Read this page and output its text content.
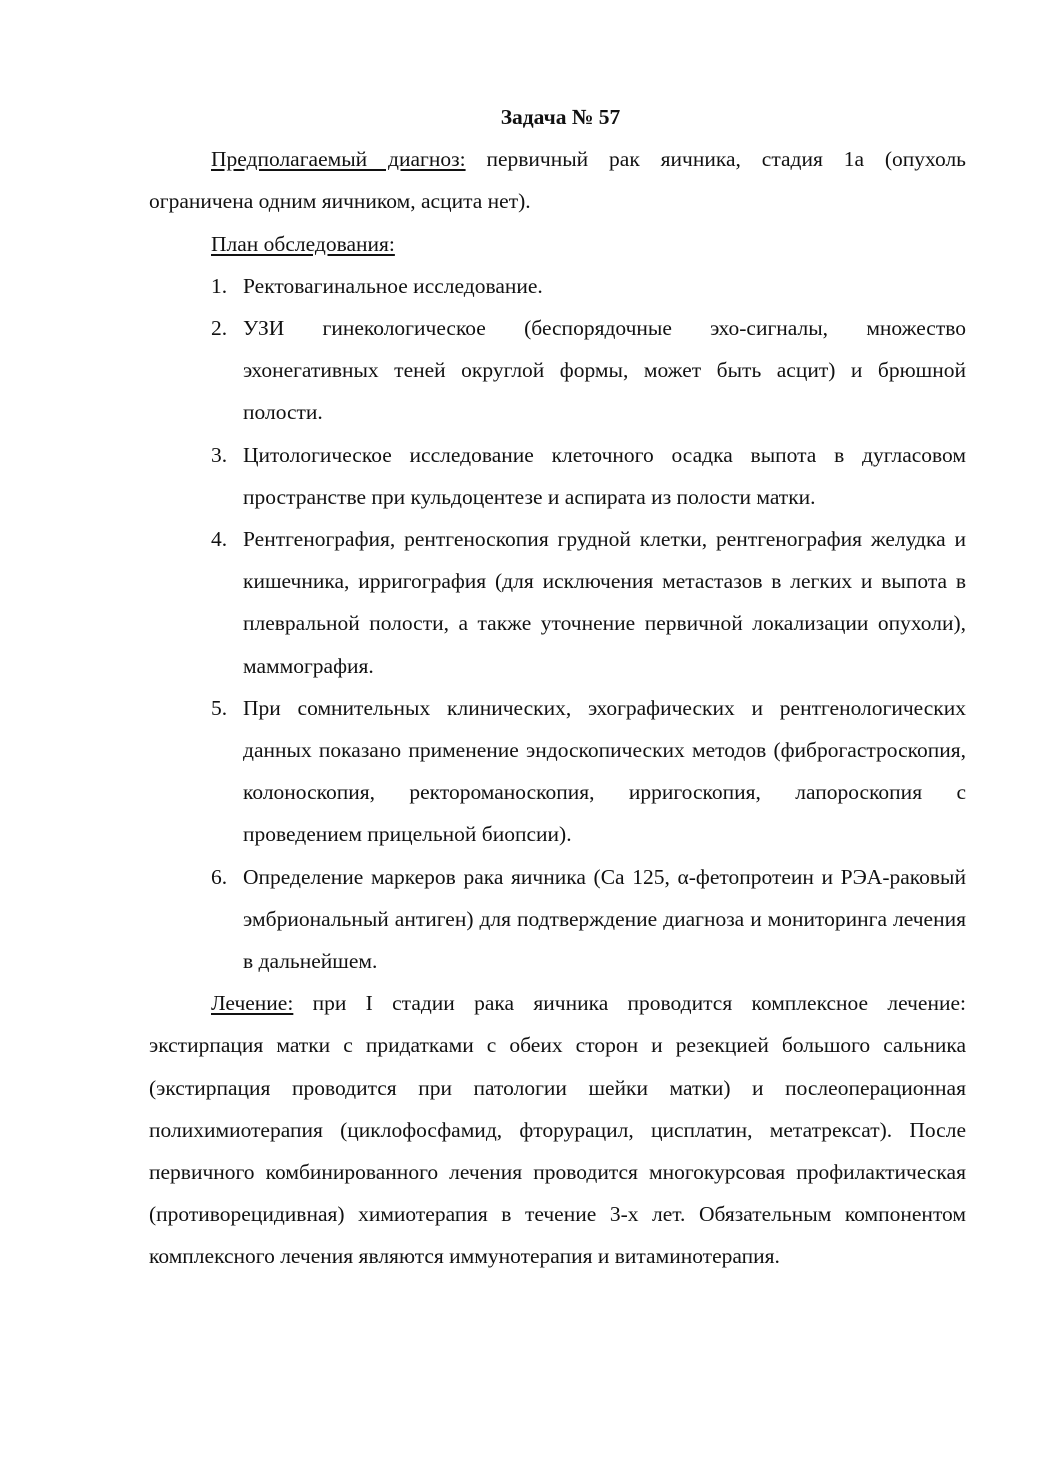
Задача № 57

Предполагаемый диагноз: первичный рак яичника, стадия 1а (опухоль ограничена одним яичником, асцита нет).

План обследования:

1. Ректовагинальное исследование.
2. УЗИ гинекологическое (беспорядочные эхо-сигналы, множество эхонегативных теней округлой формы, может быть асцит) и брюшной полости.
3. Цитологическое исследование клеточного осадка выпота в дугласовом пространстве при кульдоцентезе и аспирата из полости матки.
4. Рентгенография, рентгеноскопия грудной клетки, рентгенография желудка и кишечника, ирригография (для исключения метастазов в легких и выпота в плевральной полости, а также уточнение первичной локализации опухоли), маммография.
5. При сомнительных клинических, эхографических и рентгенологических данных показано применение эндоскопических методов (фиброгастроскопия, колоноскопия, ректороманоскопия, ирригоскопия, лапороскопия с проведением прицельной биопсии).
6. Определение маркеров рака яичника (Са 125, α-фетопротеин и РЭА-раковый эмбриональный антиген) для подтверждение диагноза и мониторинга лечения в дальнейшем.

Лечение: при I стадии рака яичника проводится комплексное лечение: экстирпация матки с придатками с обеих сторон и резекцией большого сальника (экстирпация проводится при патологии шейки матки) и послеоперационная полихимиотерапия (циклофосфамид, фторурацил, цисплатин, метатрексат). После первичного комбинированного лечения проводится многокурсовая профилактическая (противорецидивная) химиотерапия в течение 3-х лет. Обязательным компонентом комплексного лечения являются иммунотерапия и витаминотерапия.
